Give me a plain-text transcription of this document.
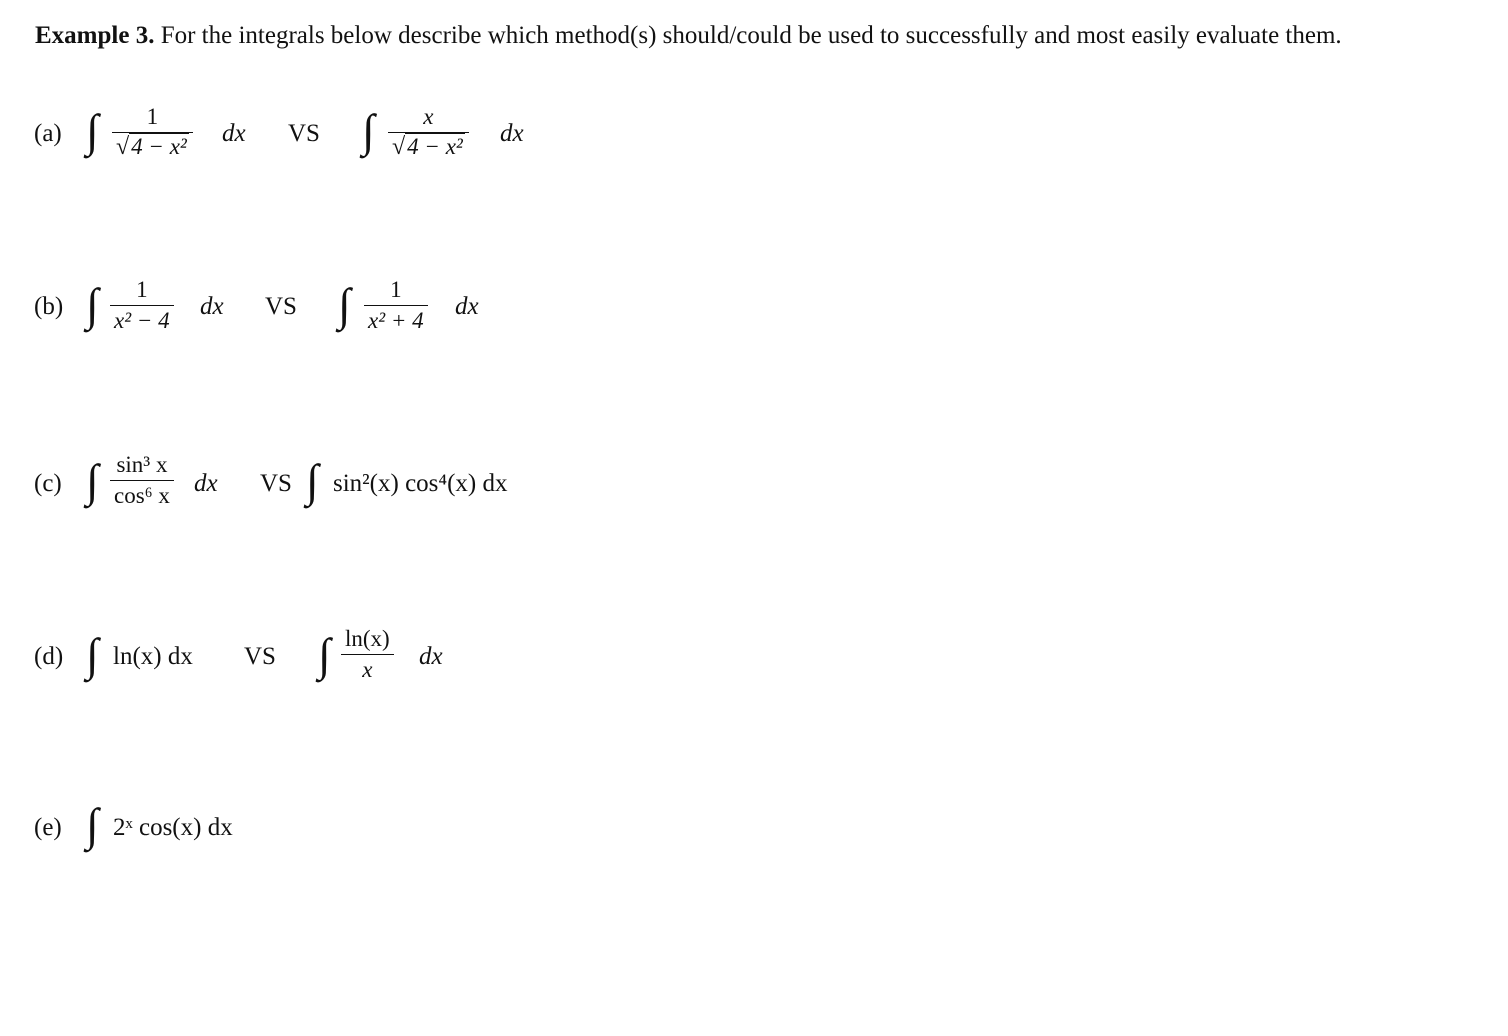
Example 3. For the integrals below describe which method(s) should/could be used to successfully and most easily evaluate them.
(a) ∫ 1
√ 4 − x² dx VS ∫ x
√ 4 − x² dx
(b) ∫ 1
x² − 4
dx VS ∫ 1
x² + 4
dx
(c) ∫ sin³ x
cos⁶ x dx VS ∫ sin²(x) cos⁴(x) dx
(d) ∫ ln(x) dx VS ∫ ln(x)
x dx
(e) ∫ 2ˣ cos(x) dx
